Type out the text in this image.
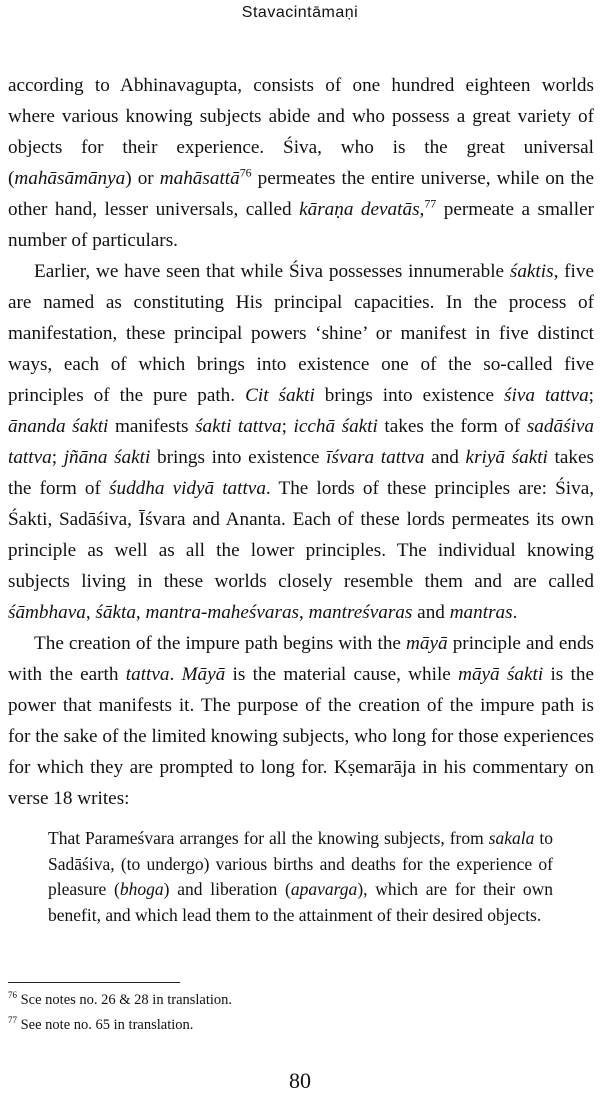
Stavacintāmaṇi

according to Abhinavagupta, consists of one hundred eighteen worlds where various knowing subjects abide and who possess a great variety of objects for their experience. Śiva, who is the great universal (mahāsāmānya) or mahāsattā$^{76}$ permeates the entire universe, while on the other hand, lesser universals, called kāraṇa devatās,$^{77}$ permeate a smaller number of particulars.

Earlier, we have seen that while Śiva possesses innumerable śaktis, five are named as constituting His principal capacities. In the process of manifestation, these principal powers ‘shine’ or manifest in five distinct ways, each of which brings into existence one of the so-called five principles of the pure path. Cit śakti brings into existence śiva tattva; ānanda śakti manifests śakti tattva; icchā śakti takes the form of sadāśiva tattva; jñāna śakti brings into existence īśvara tattva and kriyā śakti takes the form of śuddha vidyā tattva. The lords of these principles are: Śiva, Śakti, Sadāśiva, Īśvara and Ananta. Each of these lords permeates its own principle as well as all the lower principles. The individual knowing subjects living in these worlds closely resemble them and are called śāmbhava, śākta, mantra-maheśvaras, mantreśvaras and mantras.

The creation of the impure path begins with the māyā principle and ends with the earth tattva. Māyā is the material cause, while māyā śakti is the power that manifests it. The purpose of the creation of the impure path is for the sake of the limited knowing subjects, who long for those experiences for which they are prompted to long for. Kṣemarāja in his commentary on verse 18 writes:

That Parameśvara arranges for all the knowing subjects, from sakala to Sadāśiva, (to undergo) various births and deaths for the experience of pleasure (bhoga) and liberation (apavarga), which are for their own benefit, and which lead them to the attainment of their desired objects.

$^{76}$ Sce notes no. 26 & 28 in translation.

$^{77}$ See note no. 65 in translation.

80
